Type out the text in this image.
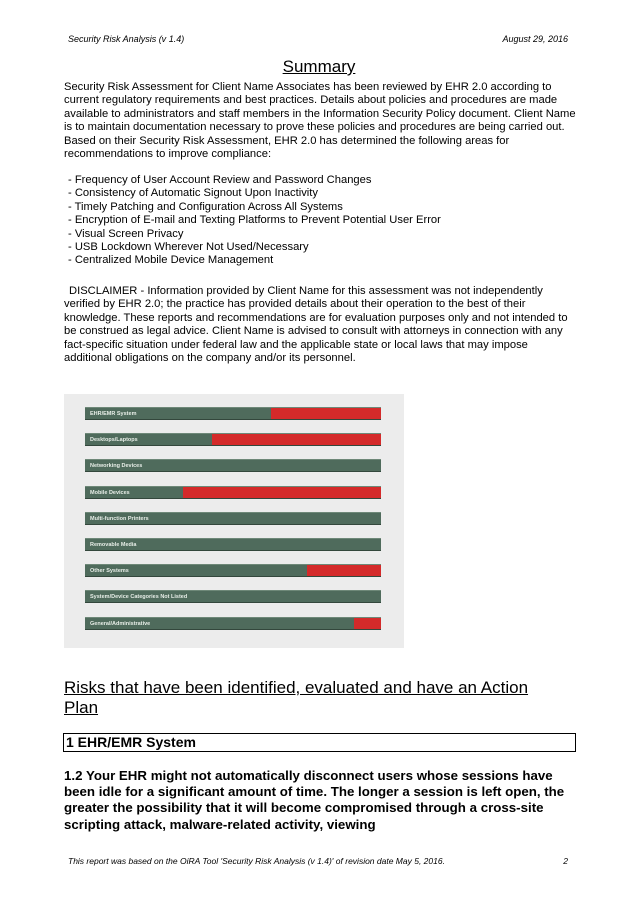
Security Risk Analysis (v 1.4)	August 29, 2016
Summary

Security Risk Assessment for Client Name Associates has been reviewed by EHR 2.0 according to current regulatory requirements and best practices. Details about policies and procedures are made available to administrators and staff members in the Information Security Policy document. Client Name is to maintain documentation necessary to prove these policies and procedures are being carried out. Based on their Security Risk Assessment, EHR 2.0 has determined the following areas for recommendations to improve compliance:

- Frequency of User Account Review and Password Changes
- Consistency of Automatic Signout Upon Inactivity
- Timely Patching and Configuration Across All Systems
- Encryption of E-mail and Texting Platforms to Prevent Potential User Error
- Visual Screen Privacy
- USB Lockdown Wherever Not Used/Necessary
- Centralized Mobile Device Management

DISCLAIMER - Information provided by Client Name for this assessment was not independently verified by EHR 2.0; the practice has provided details about their operation to the best of their knowledge. These reports and recommendations are for evaluation purposes only and not intended to be construed as legal advice. Client Name is advised to consult with attorneys in connection with any fact-specific situation under federal law and the applicable state or local laws that may impose additional obligations on the company and/or its personnel.

EHR/EMR System
Desktops/Laptops
Networking Devices
Mobile Devices
Multi-function Printers
Removable Media
Other Systems
System/Device Categories Not Listed
General/Administrative
Risks that have been identified, evaluated and have an Action Plan
1 EHR/EMR System

1.2 Your EHR might not automatically disconnect users whose sessions have been idle for a significant amount of time. The longer a session is left open, the greater the possibility that it will become compromised through a cross-site scripting attack, malware-related activity, viewing

This report was based on the OiRA Tool 'Security Risk Analysis (v 1.4)' of revision date May 5, 2016.	2
